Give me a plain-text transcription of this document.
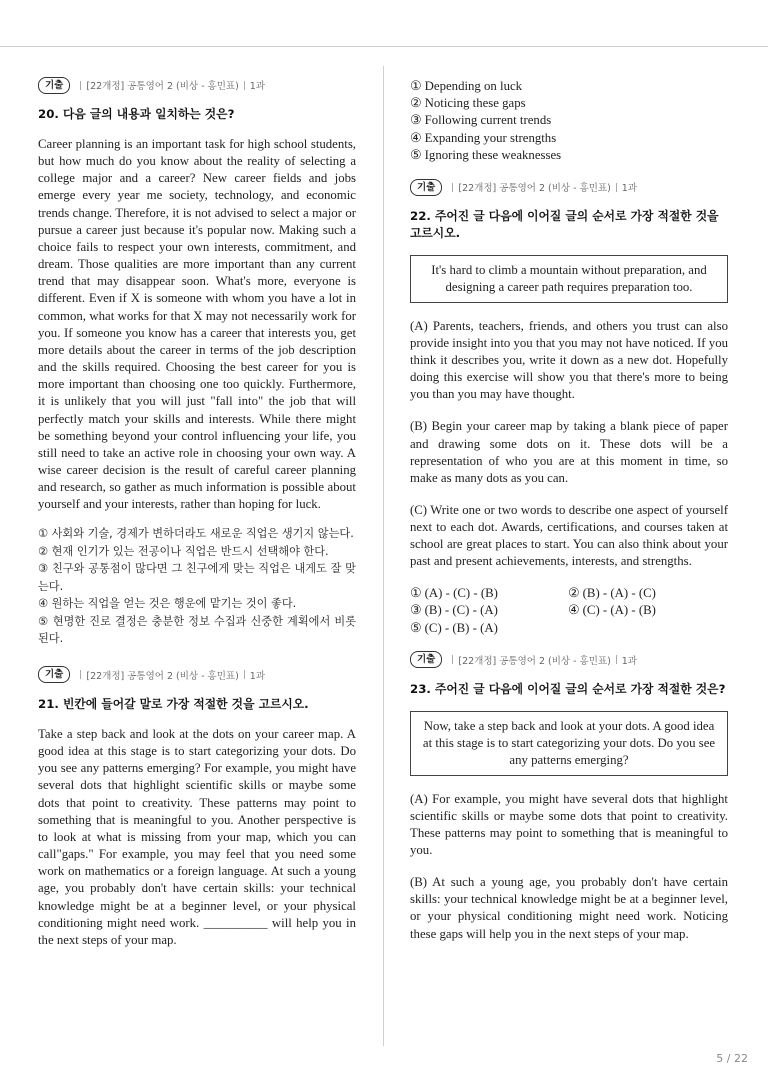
기출	[22개정] 공통영어 2 (비상 - 홍민표) 1과
20. 다음 글의 내용과 일치하는 것은?
Career planning is an important task for high school students, but how much do you know about the reality of selecting a college major and a career? New career fields and jobs emerge every year me society, technology, and economic trends change. Therefore, it is not advised to select a major or pursue a career just because it's popular now. Making such a choice fails to respect your own interests, commitment, and dream. Those qualities are more important than any current trend that may disappear soon. What's more, everyone is different. Even if X is someone with whom you have a lot in common, what works for that X may not necessarily work for you. If someone you know has a career that interests you, get more details about the career in terms of the job description and the skills required. Choosing the best career for you is more important than choosing one too quickly. Furthermore, it is unlikely that you will just "fall into" the job that will perfectly match your skills and interests. While there might be something beyond your control influencing your life, you still need to take an active role in choosing your own way. A wise career decision is the result of careful career planning and research, so gather as much information is possible about yourself and your interests, rather than hoping for luck.
① 사회와 기술, 경제가 변하더라도 새로운 직업은 생기지 않는다.
② 현재 인기가 있는 전공이나 직업은 반드시 선택해야 한다.
③ 친구와 공통점이 많다면 그 친구에게 맞는 직업은 내게도 잘 맞는다.
④ 원하는 직업을 얻는 것은 행운에 맡기는 것이 좋다.
⑤ 현명한 진로 결정은 충분한 정보 수집과 신중한 계획에서 비롯된다.
기출	[22개정] 공통영어 2 (비상 - 홍민표) 1과
21. 빈칸에 들어갈 말로 가장 적절한 것을 고르시오.
Take a step back and look at the dots on your career map. A good idea at this stage is to start categorizing your dots. Do you see any patterns emerging? For example, you might have several dots that highlight scientific skills or maybe some dots that point to creativity. These patterns may point to something that is meaningful to you. Another perspective is to look at what is missing from your map, which you can call"gaps." For example, you may feel that you need some work on mathematics or a foreign language. At such a young age, you probably don't have certain skills: your technical knowledge might be at a beginner level, or your physical conditioning might need work. __________ will help you in the next steps of your map.
① Depending on luck
② Noticing these gaps
③ Following current trends
④ Expanding your strengths
⑤ Ignoring these weaknesses
기출	[22개정] 공통영어 2 (비상 - 홍민표) 1과
22. 주어진 글 다음에 이어질 글의 순서로 가장 적절한 것을 고르시오.
It's hard to climb a mountain without preparation, and designing a career path requires preparation too.
(A) Parents, teachers, friends, and others you trust can also provide insight into you that you may not have noticed. If you think it describes you, write it down as a new dot. Hopefully doing this exercise will show you that there's more to being you than you may have thought.
(B) Begin your career map by taking a blank piece of paper and drawing some dots on it. These dots will be a representation of who you are at this moment in time, so make as many dots as you can.
(C) Write one or two words to describe one aspect of yourself next to each dot. Awards, certifications, and courses taken at school are great places to start. You can also think about your past and present achievements, interests, and strengths.
① (A) - (C) - (B)	② (B) - (A) - (C)
③ (B) - (C) - (A)	④ (C) - (A) - (B)
⑤ (C) - (B) - (A)
기출	[22개정] 공통영어 2 (비상 - 홍민표) 1과
23. 주어진 글 다음에 이어질 글의 순서로 가장 적절한 것은?
Now, take a step back and look at your dots. A good idea at this stage is to start categorizing your dots. Do you see any patterns emerging?
(A) For example, you might have several dots that highlight scientific skills or maybe some dots that point to creativity. These patterns may point to something that is meaningful to you.
(B) At such a young age, you probably don't have certain skills: your technical knowledge might be at a beginner level, or your physical conditioning might need work. Noticing these gaps will help you in the next steps of your map.
5 / 22
